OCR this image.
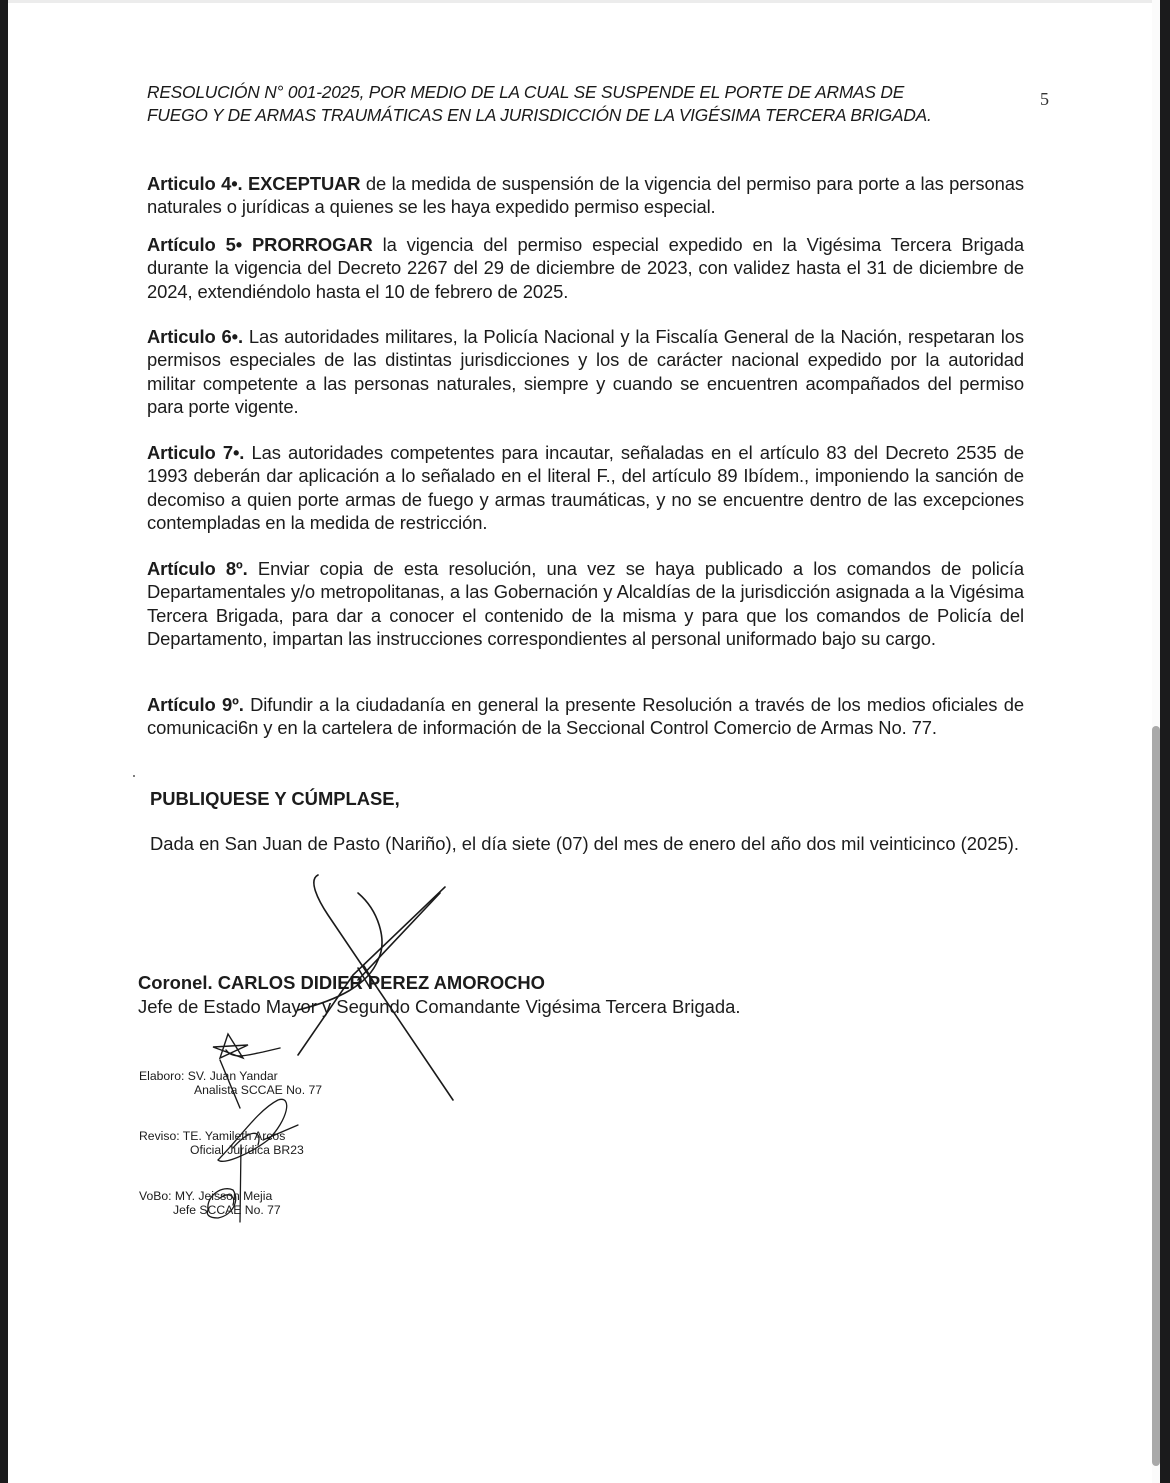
RESOLUCIÓN N° 001-2025, POR MEDIO DE LA CUAL SE SUSPENDE EL PORTE DE ARMAS DE
FUEGO Y DE ARMAS TRAUMÁTICAS EN LA JURISDICCIÓN DE LA VIGÉSIMA TERCERA BRIGADA.
5
Articulo 4•. EXCEPTUAR de la medida de suspensión de la vigencia del permiso para porte a las personas naturales o jurídicas a quienes se les haya expedido permiso especial.
Artículo 5• PRORROGAR la vigencia del permiso especial expedido en la Vigésima Tercera Brigada durante la vigencia del Decreto 2267 del 29 de diciembre de 2023, con validez hasta el 31 de diciembre de 2024, extendiéndolo hasta el 10 de febrero de 2025.
Articulo 6•. Las autoridades militares, la Policía Nacional y la Fiscalía General de la Nación, respetaran los permisos especiales de las distintas jurisdicciones y los de carácter nacional expedido por la autoridad militar competente a las personas naturales, siempre y cuando se encuentren acompañados del permiso para porte vigente.
Articulo 7•. Las autoridades competentes para incautar, señaladas en el artículo 83 del Decreto 2535 de 1993 deberán dar aplicación a lo señalado en el literal F., del artículo 89 Ibídem., imponiendo la sanción de decomiso a quien porte armas de fuego y armas traumáticas, y no se encuentre dentro de las excepciones contempladas en la medida de restricción.
Artículo 8º. Enviar copia de esta resolución, una vez se haya publicado a los comandos de policía Departamentales y/o metropolitanas, a las Gobernación y Alcaldías de la jurisdicción asignada a la Vigésima Tercera Brigada, para dar a conocer el contenido de la misma y para que los comandos de Policía del Departamento, impartan las instrucciones correspondientes al personal uniformado bajo su cargo.
Artículo 9º. Difundir a la ciudadanía en general la presente Resolución a través de los medios oficiales de comunicaci6n y en la cartelera de información de la Seccional Control Comercio de Armas No. 77.
PUBLIQUESE Y CÚMPLASE,
Dada en San Juan de Pasto (Nariño), el día siete (07) del mes de enero del año dos mil veinticinco (2025).
Coronel. CARLOS DIDIER PEREZ AMOROCHO
Jefe de Estado Mayor y Segundo Comandante Vigésima Tercera Brigada.
Elaboro: SV. Juan Yandar
Analista SCCAE No. 77
Reviso: TE. Yamileth Arcos
Oficial Jurídica BR23
VoBo: MY. Jeisson Mejia
Jefe SCCAE No. 77
